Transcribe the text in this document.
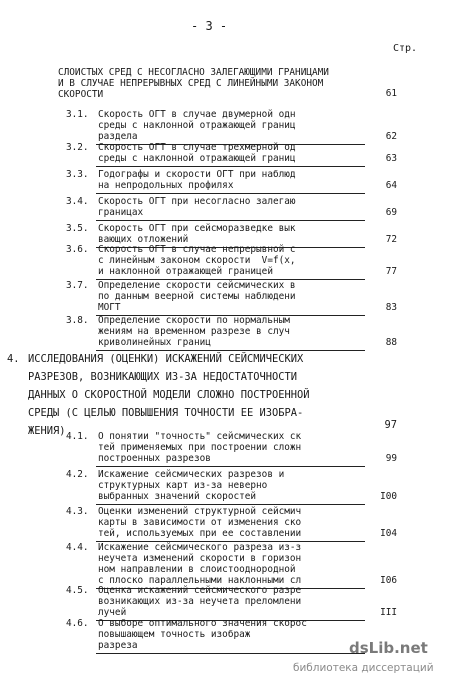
- 3 -
Стр.
СЛОИСТЫХ СРЕД С НЕСОГЛАСНО ЗАЛЕГАЮЩИМИ ГРАНИЦАМИ
И В СЛУЧАЕ НЕПРЕРЫВНЫХ СРЕД С ЛИНЕЙНЫМИ ЗАКОНОМ
СКОРОСТИ	61
3.1. Скорость ОГТ в случае двумерной одн
среды с наклонной отражающей границ
раздела	62
3.2. Скорость ОГТ в случае трехмерной од
среды с наклонной отражающей границ	63
3.3. Годографы и скорости ОГТ при наблюд
на непродольных профилях	64
3.4. Скорость ОГТ при несогласно залегаю
границах	69
3.5. Скорость ОГТ при сейсморазведке вык
вающих отложений	72
3.6. Скорость ОГТ в случае непрерывной с
с линейным законом скорости  V=f(x,
и наклонной отражающей границей	77
3.7. Определение скорости сейсмических в
по данным веерной системы наблюдени
МОГТ	83
3.8. Определение скорости по нормальным
жениям на временном разрезе в случ
криволинейных границ	88

4.

ИССЛЕДОВАНИЯ (ОЦЕНКИ) ИСКАЖЕНИЙ СЕЙСМИЧЕСКИХ

РАЗРЕЗОВ, ВОЗНИКАЮЩИХ ИЗ-ЗА НЕДОСТАТОЧНОСТИ

ДАННЫХ О СКОРОСТНОЙ МОДЕЛИ СЛОЖНО ПОСТРОЕННОЙ

СРЕДЫ (С ЦЕЛЬЮ ПОВЫШЕНИЯ ТОЧНОСТИ ЕЕ ИЗОБРА-

ЖЕНИЯ)	97
4.1. О понятии "точность" сейсмических ск
тей применяемых при построении сложн
построенных разрезов	99
4.2. Искажение сейсмических разрезов и
структурных карт из-за неверно
выбранных значений скоростей	I00
4.3. Оценки изменений структурной сейсмич
карты в зависимости от изменения ско
тей, используемых при ее составлении	I04
4.4. Искажение сейсмического разреза из-з
неучета изменений скорости в горизон
ном направлении в слоистооднородной
с плоско параллельными наклонными сл	I06
4.5. Оценка искажений сейсмического разре
возникающих из-за неучета преломлени
лучей	III
4.6. О выборе оптимального значения скорос
повышающем точность изображ
разреза	dsLib.net
библиотека диссертаций
